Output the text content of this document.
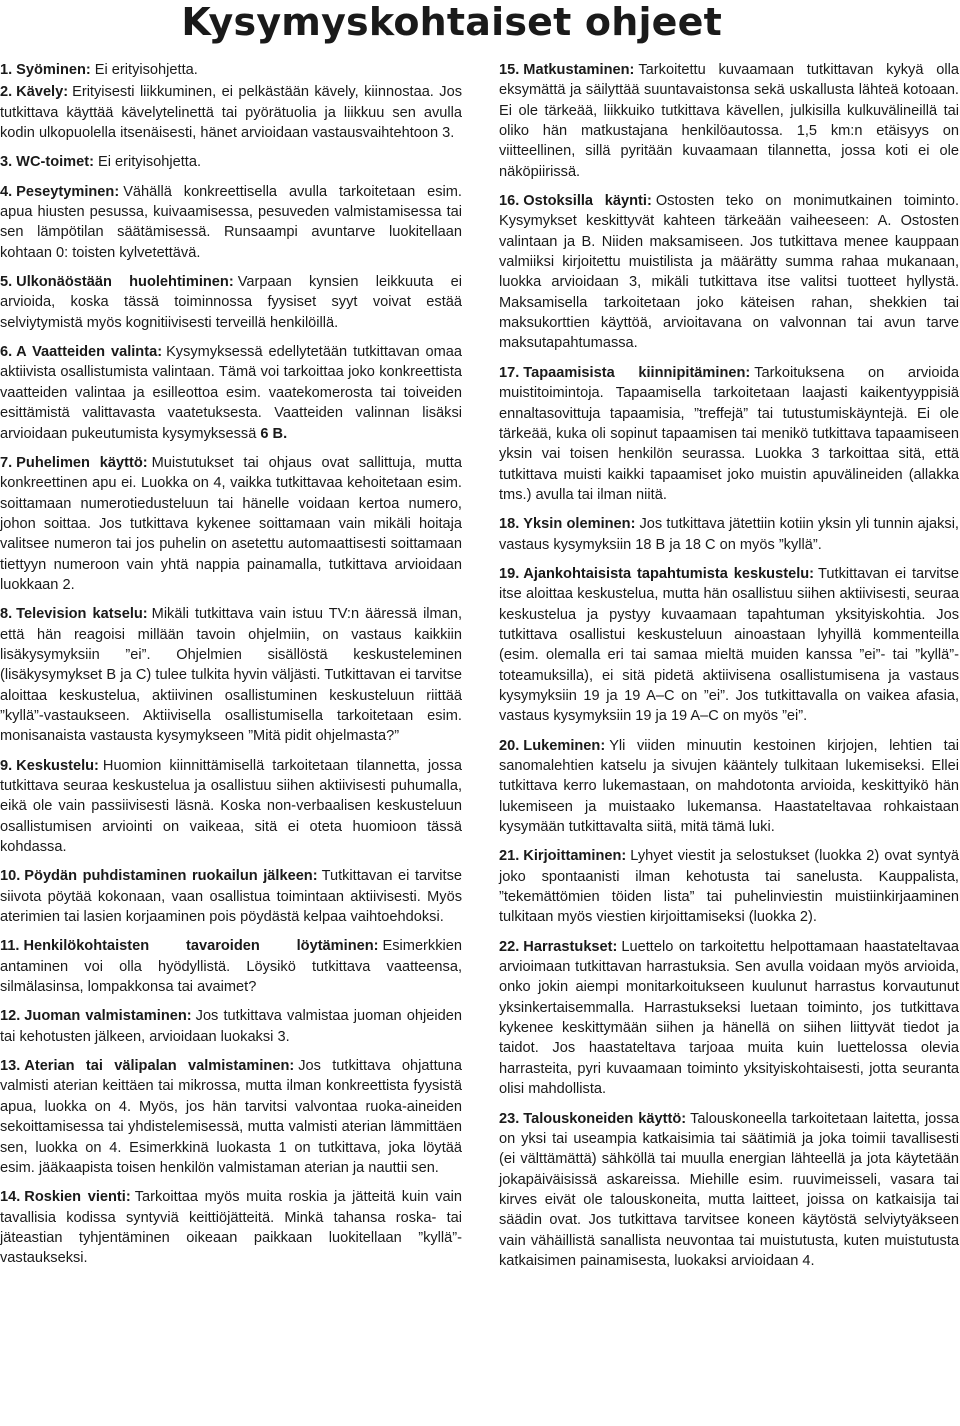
Kysymyskohtaiset ohjeet

1. Syöminen: Ei erityisohjetta.

2. Kävely: Erityisesti liikkuminen, ei pelkästään kävely, kiinnostaa. Jos tutkittava käyttää kävelytelinettä tai pyörätuolia ja liikkuu sen avulla kodin ulkopuolella itsenäisesti, hänet arvioidaan vastausvaihtehtoon 3.

3. WC-toimet: Ei erityisohjetta.

4. Peseytyminen: Vähällä konkreettisella avulla tarkoitetaan esim. apua hiusten pesussa, kuivaamisessa, pesuveden valmistamisessa tai sen lämpötilan säätämisessä. Runsaampi avuntarve luokitellaan kohtaan 0: toisten kylvetettävä.

5. Ulkonäöstään huolehtiminen: Varpaan kynsien leikkuuta ei arvioida, koska tässä toiminnossa fyysiset syyt voivat estää selviytymistä myös kognitiivisesti terveillä henkilöillä.

6. A Vaatteiden valinta: Kysymyksessä edellytetään tutkittavan omaa aktiivista osallistumista valintaan. Tämä voi tarkoittaa joko konkreettista vaatteiden valintaa ja esilleottoa esim. vaatekomerosta tai toiveiden esittämistä valittavasta vaatetuksesta. Vaatteiden valinnan lisäksi arvioidaan pukeutumista kysymyksessä 6 B.

7. Puhelimen käyttö: Muistutukset tai ohjaus ovat sallittuja, mutta konkreettinen apu ei. Luokka on 4, vaikka tutkittavaa kehoitetaan esim. soittamaan numerotiedusteluun tai hänelle voidaan kertoa numero, johon soittaa. Jos tutkittava kykenee soittamaan vain mikäli hoitaja valitsee numeron tai jos puhelin on asetettu automaattisesti soittamaan tiettyyn numeroon vain yhtä nappia painamalla, tutkittava arvioidaan luokkaan 2.

8. Television katselu: Mikäli tutkittava vain istuu TV:n ääressä ilman, että hän reagoisi millään tavoin ohjelmiin, on vastaus kaikkiin lisäkysymyksiin ”ei”. Ohjelmien sisällöstä keskusteleminen (lisäkysymykset B ja C) tulee tulkita hyvin väljästi. Tutkittavan ei tarvitse aloittaa keskustelua, aktiivinen osallistuminen keskusteluun riittää ”kyllä”-vastaukseen. Aktiivisella osallistumisella tarkoitetaan esim. monisanaista vastausta kysymykseen ”Mitä pidit ohjelmasta?”

9. Keskustelu: Huomion kiinnittämisellä tarkoitetaan tilannetta, jossa tutkittava seuraa keskustelua ja osallistuu siihen aktiivisesti puhumalla, eikä ole vain passiivisesti läsnä. Koska non-verbaalisen keskusteluun osallistumisen arviointi on vaikeaa, sitä ei oteta huomioon tässä kohdassa.

10. Pöydän puhdistaminen ruokailun jälkeen: Tutkittavan ei tarvitse siivota pöytää kokonaan, vaan osallistua toimintaan aktiivisesti. Myös aterimien tai lasien korjaaminen pois pöydästä kelpaa vaihtoehdoksi.

11. Henkilökohtaisten tavaroiden löytäminen: Esimerkkien antaminen voi olla hyödyllistä. Löysikö tutkittava vaatteensa, silmälasinsa, lompakkonsa tai avaimet?

12. Juoman valmistaminen: Jos tutkittava valmistaa juoman ohjeiden tai kehotusten jälkeen, arvioidaan luokaksi 3.

13. Aterian tai välipalan valmistaminen: Jos tutkittava ohjattuna valmisti aterian keittäen tai mikrossa, mutta ilman konkreettista fyysistä apua, luokka on 4. Myös, jos hän tarvitsi valvontaa ruoka-aineiden sekoittamisessa tai yhdistelemisessä, mutta valmisti aterian lämmittäen sen, luokka on 4. Esimerkkinä luokasta 1 on tutkittava, joka löytää esim. jääkaapista toisen henkilön valmistaman aterian ja nauttii sen.

14. Roskien vienti: Tarkoittaa myös muita roskia ja jätteitä kuin vain tavallisia kodissa syntyviä keittiöjätteitä. Minkä tahansa roska- tai jäteastian tyhjentäminen oikeaan paikkaan luokitellaan ”kyllä”-vastaukseksi.

15. Matkustaminen: Tarkoitettu kuvaamaan tutkittavan kykyä olla eksymättä ja säilyttää suuntavaistonsa sekä uskallusta lähteä kotoaan. Ei ole tärkeää, liikkuiko tutkittava kävellen, julkisilla kulkuvälineillä tai oliko hän matkustajana henkilöautossa. 1,5 km:n etäisyys on viitteellinen, sillä pyritään kuvaamaan tilannetta, jossa koti ei ole näköpiirissä.

16. Ostoksilla käynti: Ostosten teko on monimutkainen toiminto. Kysymykset keskittyvät kahteen tärkeään vaiheeseen: A. Ostosten valintaan ja B. Niiden maksamiseen. Jos tutkittava menee kauppaan valmiiksi kirjoitettu muistilista ja määrätty summa rahaa mukanaan, luokka arvioidaan 3, mikäli tutkittava itse valitsi tuotteet hyllystä. Maksamisella tarkoitetaan joko käteisen rahan, shekkien tai maksukorttien käyttöä, arvioitavana on valvonnan tai avun tarve maksutapahtumassa.

17. Tapaamisista kiinnipitäminen: Tarkoituksena on arvioida muistitoimintoja. Tapaamisella tarkoitetaan laajasti kaikentyyppisiä ennaltasovittuja tapaamisia, ”treffejä” tai tutustumiskäyntejä. Ei ole tärkeää, kuka oli sopinut tapaamisen tai menikö tutkittava tapaamiseen yksin vai toisen henkilön seurassa. Luokka 3 tarkoittaa sitä, että tutkittava muisti kaikki tapaamiset joko muistin apuvälineiden (allakka tms.) avulla tai ilman niitä.

18. Yksin oleminen: Jos tutkittava jätettiin kotiin yksin yli tunnin ajaksi, vastaus kysymyksiin 18 B ja 18 C on myös ”kyllä”.

19. Ajankohtaisista tapahtumista keskustelu: Tutkittavan ei tarvitse itse aloittaa keskustelua, mutta hän osallistuu siihen aktiivisesti, seuraa keskustelua ja pystyy kuvaamaan tapahtuman yksityiskohtia. Jos tutkittava osallistui keskusteluun ainoastaan lyhyillä kommenteilla (esim. olemalla eri tai samaa mieltä muiden kanssa ”ei”- tai ”kyllä”-toteamuksilla), ei sitä pidetä aktiivisena osallistumisena ja vastaus kysymyksiin 19 ja 19 A–C on ”ei”. Jos tutkittavalla on vaikea afasia, vastaus kysymyksiin 19 ja 19 A–C on myös ”ei”.

20. Lukeminen: Yli viiden minuutin kestoinen kirjojen, lehtien tai sanomalehtien katselu ja sivujen kääntely tulkitaan lukemiseksi. Ellei tutkittava kerro lukemastaan, on mahdotonta arvioida, keskittyikö hän lukemiseen ja muistaako lukemansa. Haastateltavaa rohkaistaan kysymään tutkittavalta siitä, mitä tämä luki.

21. Kirjoittaminen: Lyhyet viestit ja selostukset (luokka 2) ovat syntyä joko spontaanisti ilman kehotusta tai sanelusta. Kauppalista, ”tekemättömien töiden lista” tai puhelinviestin muistiinkirjaaminen tulkitaan myös viestien kirjoittamiseksi (luokka 2).

22. Harrastukset: Luettelo on tarkoitettu helpottamaan haastateltavaa arvioimaan tutkittavan harrastuksia. Sen avulla voidaan myös arvioida, onko jokin aiempi monitarkoitukseen kuulunut harrastus korvautunut yksinkertaisemmalla. Harrastukseksi luetaan toiminto, jos tutkittava kykenee keskittymään siihen ja hänellä on siihen liittyvät tiedot ja taidot. Jos haastateltava tarjoaa muita kuin luettelossa olevia harrasteita, pyri kuvaamaan toiminto yksityiskohtaisesti, jotta seuranta olisi mahdollista.

23. Talouskoneiden käyttö: Talouskoneella tarkoitetaan laitetta, jossa on yksi tai useampia katkaisimia tai säätimiä ja joka toimii tavallisesti (ei välttämättä) sähköllä tai muulla energian lähteellä ja jota käytetään jokapäiväisissä askareissa. Miehille esim. ruuvimeisseli, vasara tai kirves eivät ole talouskoneita, mutta laitteet, joissa on katkaisija tai säädin ovat. Jos tutkittava tarvitsee koneen käytöstä selviytyäkseen vain vähäillistä sanallista neuvontaa tai muistutusta, kuten muistutusta katkaisimen painamisesta, luokaksi arvioidaan 4.
